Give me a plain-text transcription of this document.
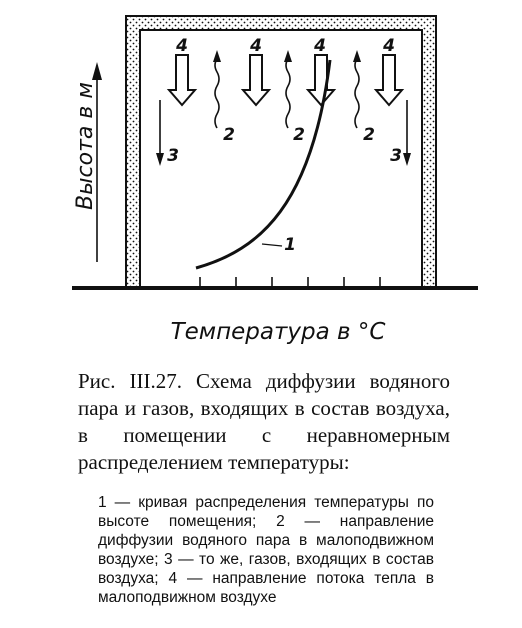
Высота в м
Температура в °С
4	4	4	4
2	2	2
3	3
1

Рис. III.27. Схема диффузии водяного пара и газов, входящих в состав воздуха, в помещении с неравномерным распределением температуры:

1 — кривая распределения температуры по высоте помещения; 2 — направление диффузии водяного пара в малоподвижном воздухе; 3 — то же, газов, входящих в состав воздуха; 4 — направление потока тепла в малоподвижном воздухе
